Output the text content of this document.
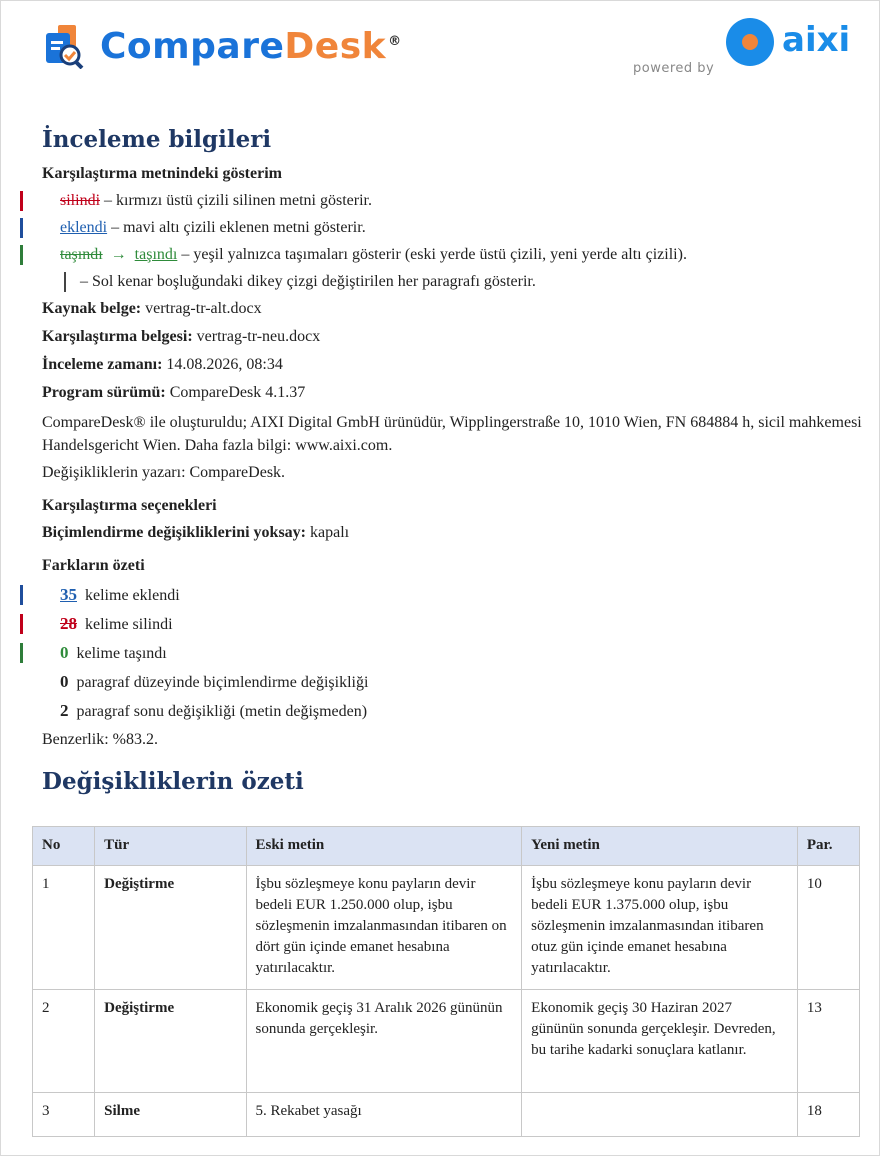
CompareDesk ®
powered by
aixi
İnceleme bilgileri
Karşılaştırma metnindeki gösterim
silindi – kırmızı üstü çizili silinen metni gösterir.
eklendi – mavi altı çizili eklenen metni gösterir.
taşındı → taşındı – yeşil yalnızca taşımaları gösterir (eski yerde üstü çizili, yeni yerde altı çizili).
– Sol kenar boşluğundaki dikey çizgi değiştirilen her paragrafı gösterir.
Kaynak belge: vertrag-tr-alt.docx
Karşılaştırma belgesi: vertrag-tr-neu.docx
İnceleme zamanı: 14.08.2026, 08:34
Program sürümü: CompareDesk 4.1.37
CompareDesk® ile oluşturuldu; AIXI Digital GmbH ürünüdür, Wipplingerstraße 10, 1010 Wien, FN 684884 h, sicil mahkemesi Handelsgericht Wien. Daha fazla bilgi: www.aixi.com.
Değişikliklerin yazarı: CompareDesk.
Karşılaştırma seçenekleri
Biçimlendirme değişikliklerini yoksay: kapalı
Farkların özeti
35 kelime eklendi
28 kelime silindi
0 kelime taşındı
0 paragraf düzeyinde biçimlendirme değişikliği
2 paragraf sonu değişikliği (metin değişmeden)
Benzerlik: %83.2.
Değişikliklerin özeti
No	Tür	Eski metin	Yeni metin	Par.
1	Değiştirme	İşbu sözleşmeye konu payların devir bedeli EUR 1.250.000 olup, işbu sözleşmenin imzalanmasından itibaren on dört gün içinde emanet hesabına yatırılacaktır.	İşbu sözleşmeye konu payların devir bedeli EUR 1.375.000 olup, işbu sözleşmenin imzalanmasından itibaren otuz gün içinde emanet hesabına yatırılacaktır.	10
2	Değiştirme	Ekonomik geçiş 31 Aralık 2026 gününün sonunda gerçekleşir.	Ekonomik geçiş 30 Haziran 2027 gününün sonunda gerçekleşir. Devreden, bu tarihe kadarki sonuçlara katlanır.	13
3	Silme	5. Rekabet yasağı		18
